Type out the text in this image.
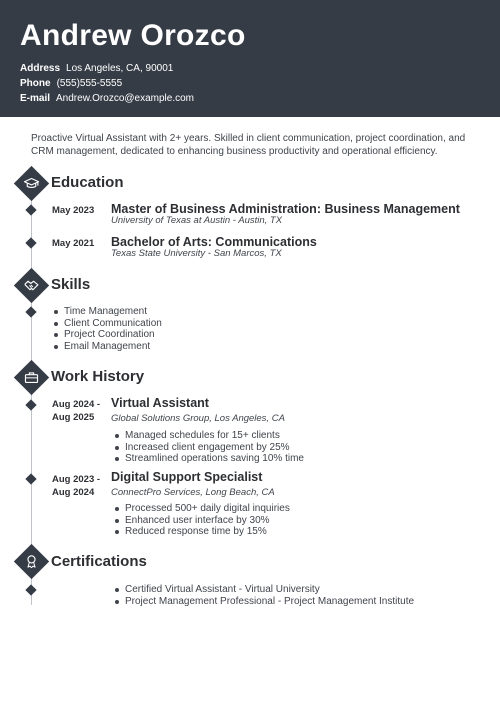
Andrew Orozco
Address Los Angeles, CA, 90001
Phone (555)555-5555
E-mail Andrew.Orozco@example.com
Proactive Virtual Assistant with 2+ years. Skilled in client communication, project coordination, and CRM management, dedicated to enhancing business productivity and operational efficiency.
Education
May 2023 Master of Business Administration: Business Management
University of Texas at Austin - Austin, TX
May 2021 Bachelor of Arts: Communications
Texas State University - San Marcos, TX
Skills
Time Management
Client Communication
Project Coordination
Email Management
Work History
Aug 2024 -
Aug 2025
Virtual Assistant
Global Solutions Group, Los Angeles, CA
Managed schedules for 15+ clients
Increased client engagement by 25%
Streamlined operations saving 10% time
Aug 2023 -
Aug 2024
Digital Support Specialist
ConnectPro Services, Long Beach, CA
Processed 500+ daily digital inquiries
Enhanced user interface by 30%
Reduced response time by 15%
Certifications
Certified Virtual Assistant - Virtual University
Project Management Professional - Project Management Institute
